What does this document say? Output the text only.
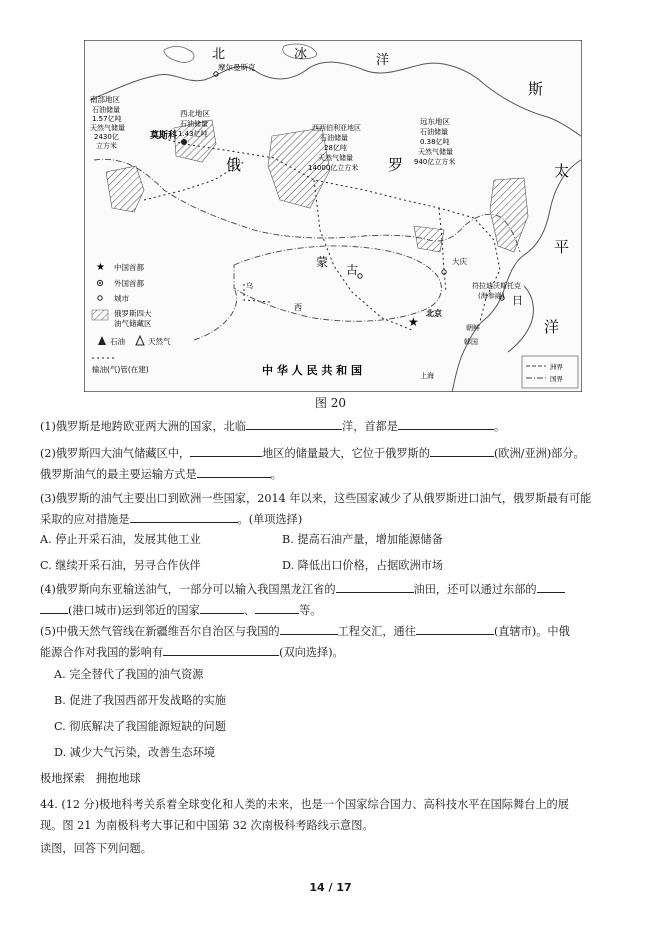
★
北	冰	洋
摩尔曼斯克
莫斯科
南部地区
石油储量
1.57亿吨
天然气储量
2430亿
立方米
西北地区
石油储量
1.43亿吨
西西伯利亚地区
石油储量
28亿吨
天然气储量
14000亿立方米
远东地区
石油储量
0.38亿吨
天然气储量
940亿立方米
俄	罗
斯
太
平
洋
日
蒙
古
大庆
北京
朝鲜
韩国
符拉迪沃斯托克
(海参崴)
上海
乌
西
中 华 人 民 共 和 国
★ 中国首都
外国首都
城市
俄罗斯四大
油气储藏区
石油	天然气
输油(气)管(在建)	洲界
国界
图 20
(1)俄罗斯是地跨欧亚两大洲的国家，北临	洋，首都是	。
(2)俄罗斯四大油气储藏区中，	地区的储量最大，它位于俄罗斯的	(欧洲/亚洲)部分。
俄罗斯油气的最主要运输方式是	。
(3)俄罗斯的油气主要出口到欧洲一些国家，2014 年以来，这些国家减少了从俄罗斯进口油气，俄罗斯最有可能
采取的应对措施是	。(单项选择)
A. 停止开采石油，发展其他工业	B. 提高石油产量，增加能源储备
C. 继续开采石油，另寻合作伙伴	D. 降低出口价格，占据欧洲市场
(4)俄罗斯向东亚输送油气，一部分可以输入我国黑龙江省的	油田，还可以通过东部的
(港口城市)运到邻近的国家	、	等。
(5)中俄天然气管线在新疆维吾尔自治区与我国的	工程交汇，通往	(直辖市)。中俄
能源合作对我国的影响有	(双向选择)。
A. 完全替代了我国的油气资源
B. 促进了我国西部开发战略的实施
C. 彻底解决了我国能源短缺的问题
D. 减少大气污染，改善生态环境
极地探索　拥抱地球
44. (12 分)极地科考关系着全球变化和人类的未来，也是一个国家综合国力、高科技水平在国际舞台上的展
现。图 21 为南极科考大事记和中国第 32 次南极科考路线示意图。
读图，回答下列问题。
14 / 17
